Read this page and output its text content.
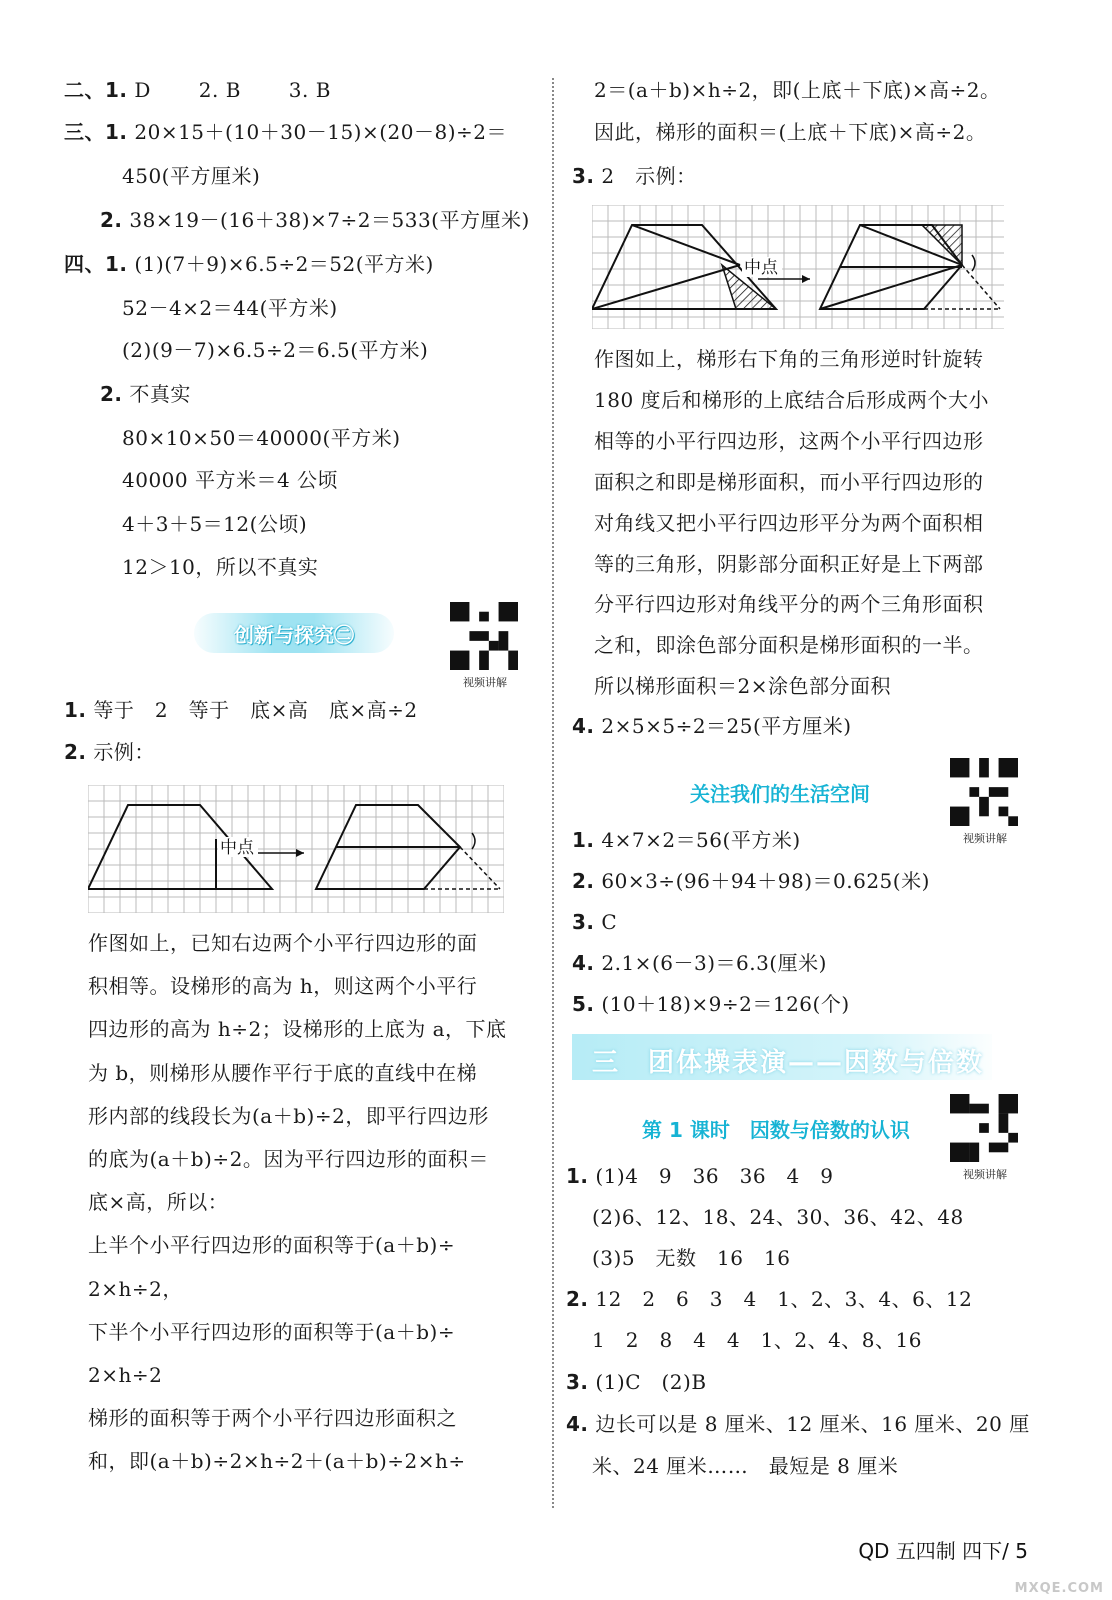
二、1. D　　 2. B　　 3. B
三、1. 20×15＋(10＋30－15)×(20－8)÷2＝
450(平方厘米)
2. 38×19－(16＋38)×7÷2＝533(平方厘米)
四、1. (1)(7＋9)×6.5÷2＝52(平方米)
52－4×2＝44(平方米)
(2)(9－7)×6.5÷2＝6.5(平方米)
2. 不真实
80×10×50＝40000(平方米)
40000 平方米＝4 公顷
4＋3＋5＝12(公顷)
12＞10，所以不真实
创新与探究㊁
视频讲解
1. 等于　2　等于　底×高　底×高÷2
2. 示例：
中点
作图如上，已知右边两个小平行四边形的面
积相等。设梯形的高为 h，则这两个小平行
四边形的高为 h÷2；设梯形的上底为 a，下底
为 b，则梯形从腰作平行于底的直线中在梯
形内部的线段长为(a＋b)÷2，即平行四边形
的底为(a＋b)÷2。因为平行四边形的面积＝
底×高，所以：
上半个小平行四边形的面积等于(a＋b)÷
2×h÷2，
下半个小平行四边形的面积等于(a＋b)÷
2×h÷2
梯形的面积等于两个小平行四边形面积之
和，即(a＋b)÷2×h÷2＋(a＋b)÷2×h÷
2＝(a＋b)×h÷2，即(上底＋下底)×高÷2。
因此，梯形的面积＝(上底＋下底)×高÷2。
3. 2　示例：
中点
作图如上，梯形右下角的三角形逆时针旋转
180 度后和梯形的上底结合后形成两个大小
相等的小平行四边形，这两个小平行四边形
面积之和即是梯形面积，而小平行四边形的
对角线又把小平行四边形平分为两个面积相
等的三角形，阴影部分面积正好是上下两部
分平行四边形对角线平分的两个三角形面积
之和，即涂色部分面积是梯形面积的一半。
所以梯形面积＝2×涂色部分面积
4. 2×5×5÷2＝25(平方厘米)
关注我们的生活空间
视频讲解
1. 4×7×2＝56(平方米)
2. 60×3÷(96＋94＋98)＝0.625(米)
3. C
4. 2.1×(6－3)＝6.3(厘米)
5. (10＋18)×9÷2＝126(个)
三　团体操表演——因数与倍数
第 1 课时　因数与倍数的认识
视频讲解
1. (1)4　9　36　36　4　9
(2)6、12、18、24、30、36、42、48
(3)5　无数　16　16
2. 12　2　6　3　4　1、2、3、4、6、12
1　2　8　4　4　1、2、4、8、16
3. (1)C　(2)B
4. 边长可以是 8 厘米、12 厘米、16 厘米、20 厘
米、24 厘米……　最短是 8 厘米
QD 五四制 四下/ 5
MXQE.COM
